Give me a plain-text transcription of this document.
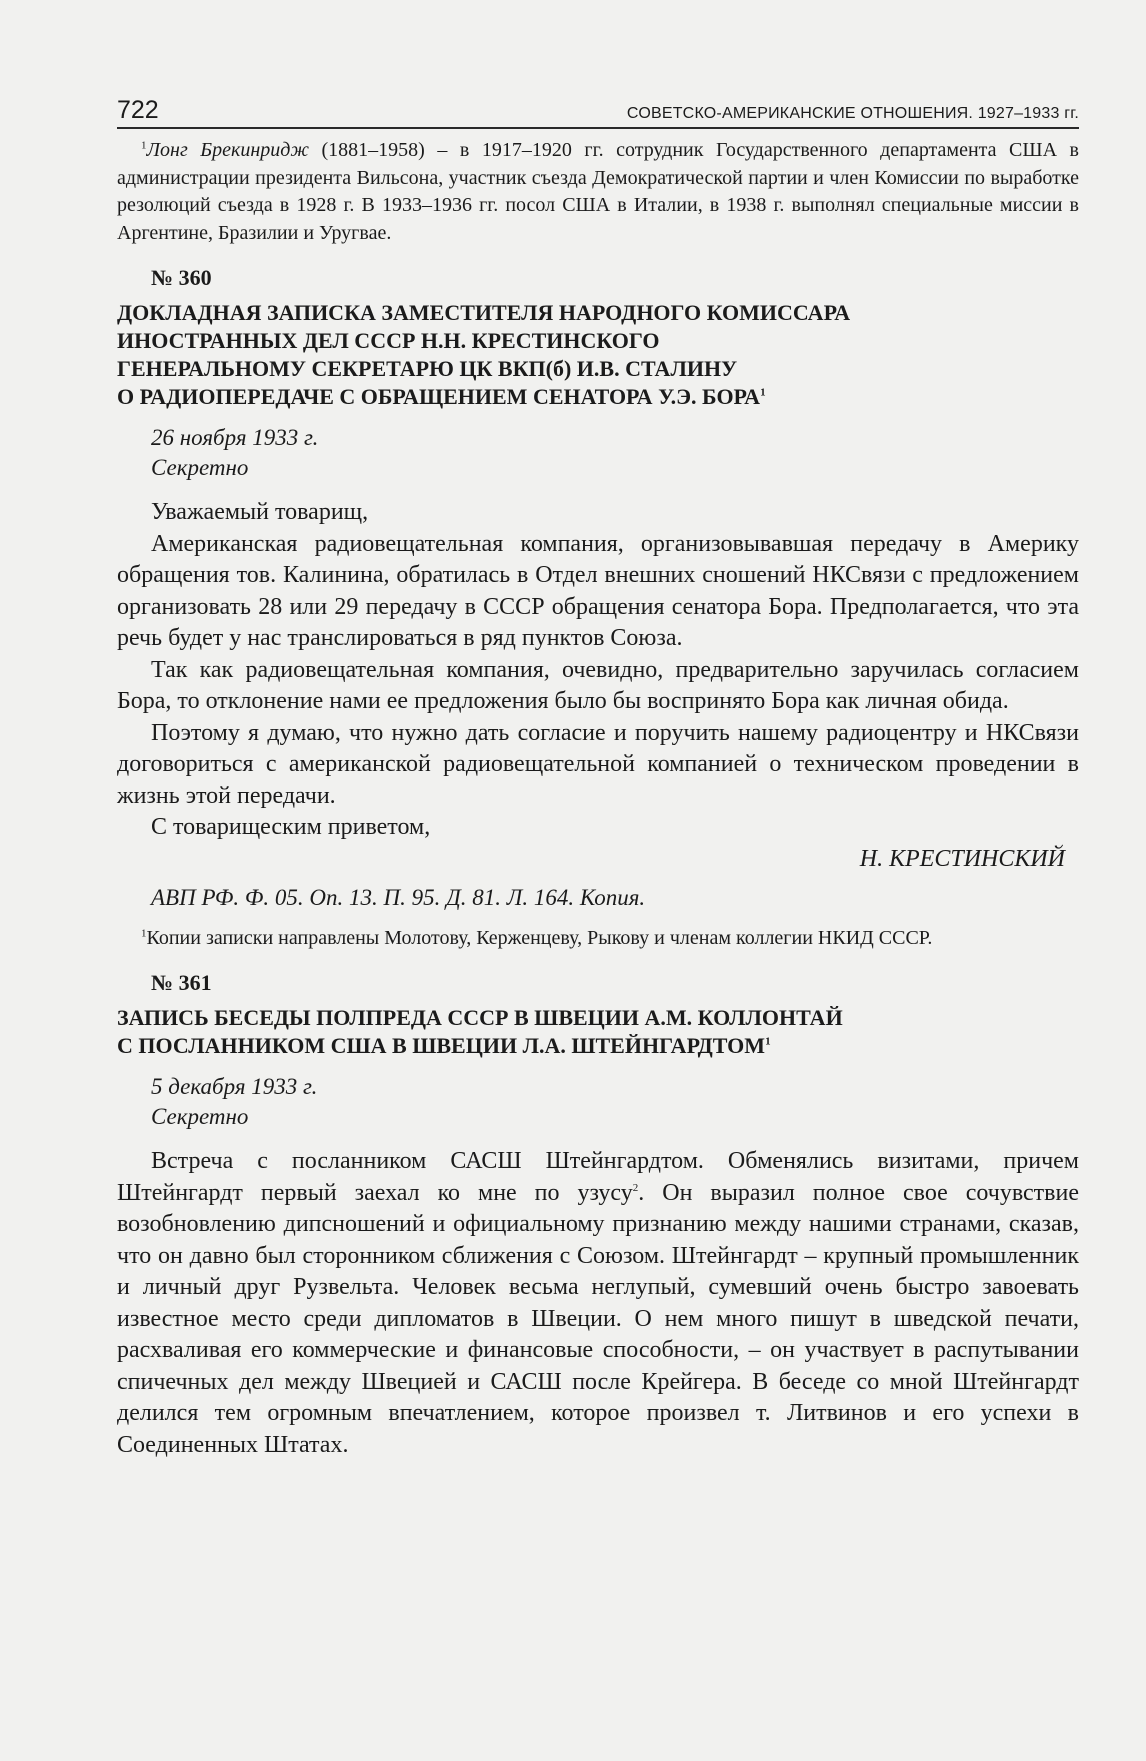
722	СОВЕТСКО-АМЕРИКАНСКИЕ ОТНОШЕНИЯ. 1927–1933 гг.
$^1$Лонг Брекинридж (1881–1958) – в 1917–1920 гг. сотрудник Государственного департамента США в администрации президента Вильсона, участник съезда Демократической партии и член Комиссии по выработке резолюций съезда в 1928 г. В 1933–1936 гг. посол США в Италии, в 1938 г. выполнял специальные миссии в Аргентине, Бразилии и Уругвае.
№ 360
ДОКЛАДНАЯ ЗАПИСКА ЗАМЕСТИТЕЛЯ НАРОДНОГО КОМИССАРА
ИНОСТРАННЫХ ДЕЛ СССР Н.Н. КРЕСТИНСКОГО
ГЕНЕРАЛЬНОМУ СЕКРЕТАРЮ ЦК ВКП(б) И.В. СТАЛИНУ
О РАДИОПЕРЕДАЧЕ С ОБРАЩЕНИЕМ СЕНАТОРА У.Э. БОРА$^1$
26 ноября 1933 г.
Секретно

Уважаемый товарищ,

Американская радиовещательная компания, организовывавшая передачу в Америку обращения тов. Калинина, обратилась в Отдел внешних сношений НКСвязи с предложением организовать 28 или 29 передачу в СССР обращения сенатора Бора. Предполагается, что эта речь будет у нас транслироваться в ряд пунктов Союза.

Так как радиовещательная компания, очевидно, предварительно заручилась согласием Бора, то отклонение нами ее предложения было бы воспринято Бора как личная обида.

Поэтому я думаю, что нужно дать согласие и поручить нашему радиоцентру и НКСвязи договориться с американской радиовещательной компанией о техническом проведении в жизнь этой передачи.

С товарищеским приветом,

Н. КРЕСТИНСКИЙ
АВП РФ. Ф. 05. Оп. 13. П. 95. Д. 81. Л. 164. Копия.
$^1$Копии записки направлены Молотову, Керженцеву, Рыкову и членам коллегии НКИД СССР.
№ 361
ЗАПИСЬ БЕСЕДЫ ПОЛПРЕДА СССР В ШВЕЦИИ А.М. КОЛЛОНТАЙ
С ПОСЛАННИКОМ США В ШВЕЦИИ Л.А. ШТЕЙНГАРДТОМ$^1$
5 декабря 1933 г.
Секретно

Встреча с посланником САСШ Штейнгардтом. Обменялись визитами, причем Штейнгардт первый заехал ко мне по узусу$^2$. Он выразил полное свое сочувствие возобновлению дипсношений и официальному признанию между нашими странами, сказав, что он давно был сторонником сближения с Союзом. Штейнгардт – крупный промышленник и личный друг Рузвельта. Человек весьма неглупый, сумевший очень быстро завоевать известное место среди дипломатов в Швеции. О нем много пишут в шведской печати, расхваливая его коммерческие и финансовые способности, – он участвует в распутывании спичечных дел между Швецией и САСШ после Крейгера. В беседе со мной Штейнгардт делился тем огромным впечатлением, которое произвел т. Литвинов и его успехи в Соединенных Штатах.
